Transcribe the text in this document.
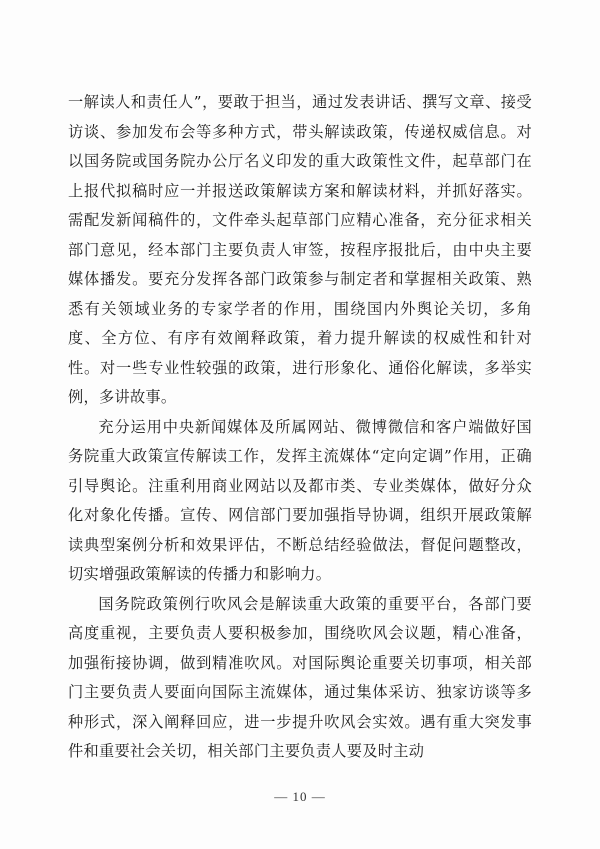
一解读人和责任人”，要敢于担当，通过发表讲话、撰写文章、接受访谈、参加发布会等多种方式，带头解读政策，传递权威信息。对以国务院或国务院办公厅名义印发的重大政策性文件，起草部门在上报代拟稿时应一并报送政策解读方案和解读材料，并抓好落实。需配发新闻稿件的，文件牵头起草部门应精心准备，充分征求相关部门意见，经本部门主要负责人审签，按程序报批后，由中央主要媒体播发。要充分发挥各部门政策参与制定者和掌握相关政策、熟悉有关领域业务的专家学者的作用，围绕国内外舆论关切，多角度、全方位、有序有效阐释政策，着力提升解读的权威性和针对性。对一些专业性较强的政策，进行形象化、通俗化解读，多举实例，多讲故事。

充分运用中央新闻媒体及所属网站、微博微信和客户端做好国务院重大政策宣传解读工作，发挥主流媒体“定向定调”作用，正确引导舆论。注重利用商业网站以及都市类、专业类媒体，做好分众化对象化传播。宣传、网信部门要加强指导协调，组织开展政策解读典型案例分析和效果评估，不断总结经验做法，督促问题整改，切实增强政策解读的传播力和影响力。

国务院政策例行吹风会是解读重大政策的重要平台，各部门要高度重视，主要负责人要积极参加，围绕吹风会议题，精心准备，加强衔接协调，做到精准吹风。对国际舆论重要关切事项，相关部门主要负责人要面向国际主流媒体，通过集体采访、独家访谈等多种形式，深入阐释回应，进一步提升吹风会实效。遇有重大突发事件和重要社会关切，相关部门主要负责人要及时主动

— 10 —
